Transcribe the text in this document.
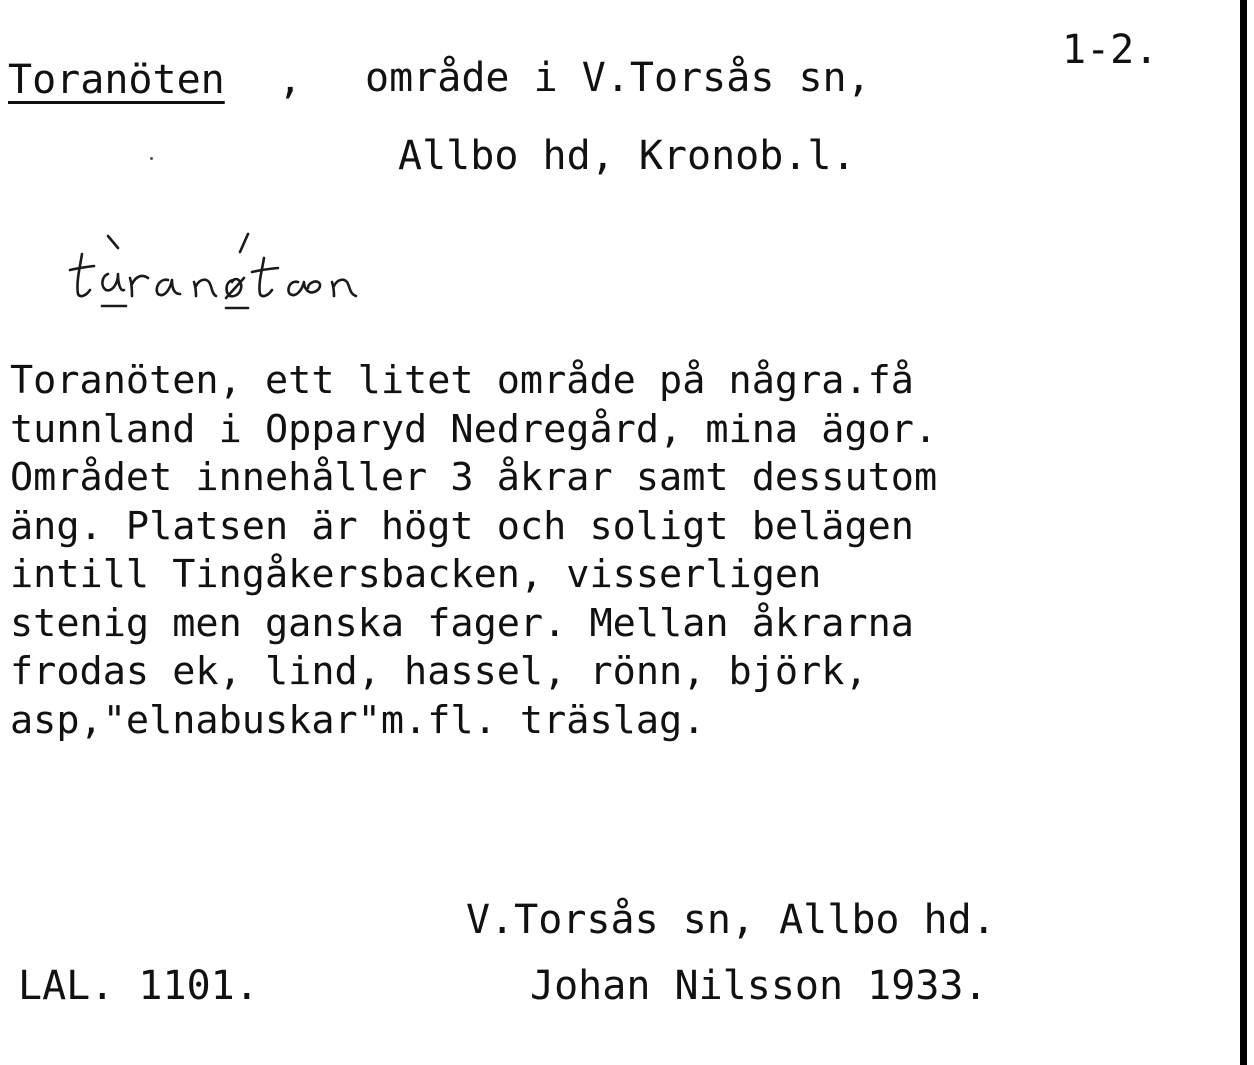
Toranöten , område i V.Torsås sn,
1-2.
Allbo hd, Kronob.l.
Toranöten, ett litet område på några.få
tunnland i Opparyd Nedregård, mina ägor.
Området innehåller 3 åkrar samt dessutom
äng. Platsen är högt och soligt belägen
intill Tingåkersbacken, visserligen
stenig men ganska fager. Mellan åkrarna
frodas ek, lind, hassel, rönn, björk,
asp,"elnabuskar"m.fl. träslag.
V.Torsås sn, Allbo hd.
LAL. 1101.	Johan Nilsson 1933.
